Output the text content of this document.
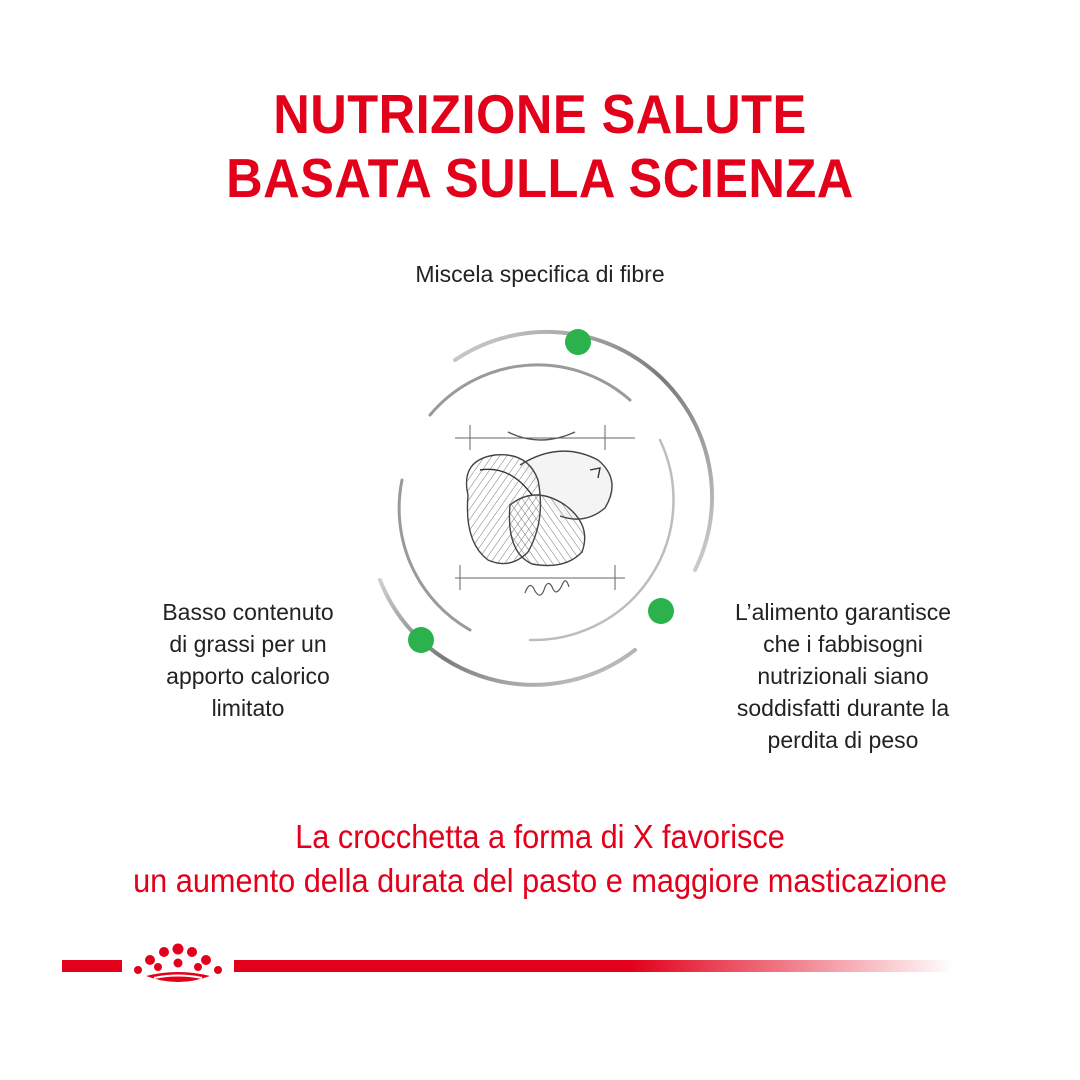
NUTRIZIONE SALUTE
BASATA SULLA SCIENZA
Miscela specifica di fibre
Basso contenuto
di grassi per un
apporto calorico
limitato
L’alimento garantisce
che i fabbisogni
nutrizionali siano
soddisfatti durante la
perdita di peso
La crocchetta a forma di X favorisce
un aumento della durata del pasto e maggiore masticazione
